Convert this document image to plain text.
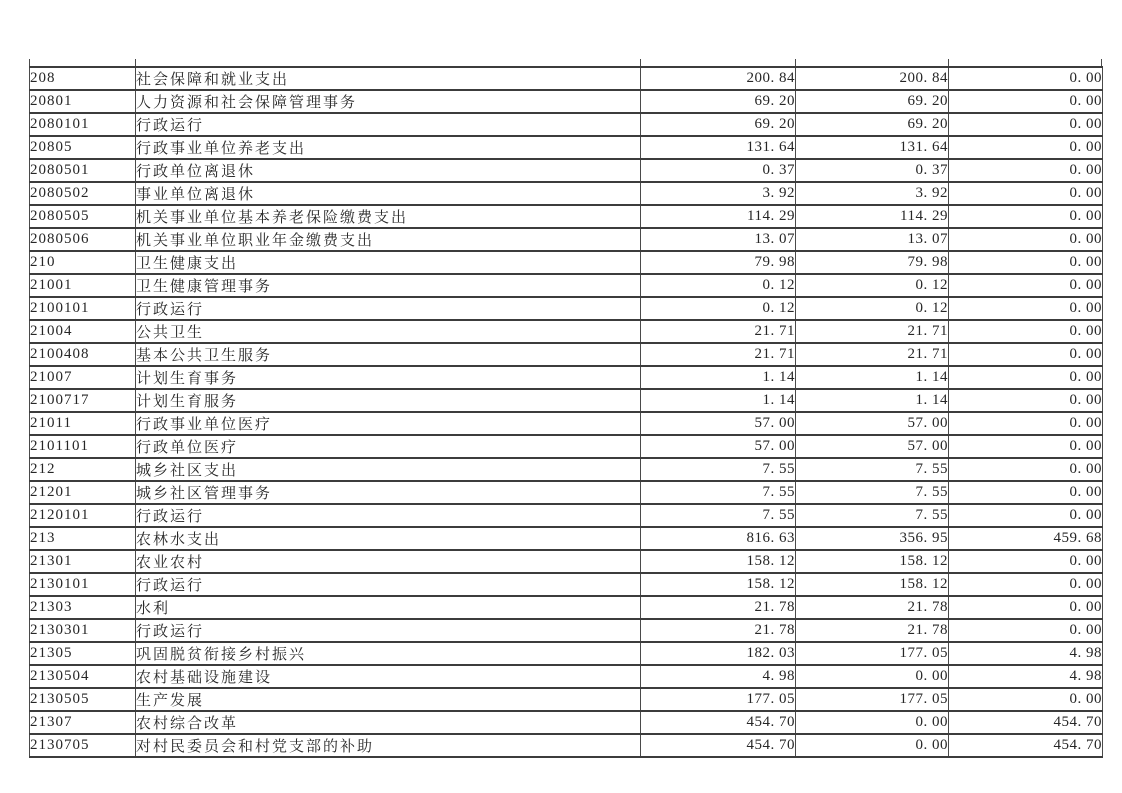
208	社会保障和就业支出	200. 84	200. 84	0. 00
20801	人力资源和社会保障管理事务	69. 20	69. 20	0. 00
2080101	行政运行	69. 20	69. 20	0. 00
20805	行政事业单位养老支出	131. 64	131. 64	0. 00
2080501	行政单位离退休	0. 37	0. 37	0. 00
2080502	事业单位离退休	3. 92	3. 92	0. 00
2080505	机关事业单位基本养老保险缴费支出	114. 29	114. 29	0. 00
2080506	机关事业单位职业年金缴费支出	13. 07	13. 07	0. 00
210	卫生健康支出	79. 98	79. 98	0. 00
21001	卫生健康管理事务	0. 12	0. 12	0. 00
2100101	行政运行	0. 12	0. 12	0. 00
21004	公共卫生	21. 71	21. 71	0. 00
2100408	基本公共卫生服务	21. 71	21. 71	0. 00
21007	计划生育事务	1. 14	1. 14	0. 00
2100717	计划生育服务	1. 14	1. 14	0. 00
21011	行政事业单位医疗	57. 00	57. 00	0. 00
2101101	行政单位医疗	57. 00	57. 00	0. 00
212	城乡社区支出	7. 55	7. 55	0. 00
21201	城乡社区管理事务	7. 55	7. 55	0. 00
2120101	行政运行	7. 55	7. 55	0. 00
213	农林水支出	816. 63	356. 95	459. 68
21301	农业农村	158. 12	158. 12	0. 00
2130101	行政运行	158. 12	158. 12	0. 00
21303	水利	21. 78	21. 78	0. 00
2130301	行政运行	21. 78	21. 78	0. 00
21305	巩固脱贫衔接乡村振兴	182. 03	177. 05	4. 98
2130504	农村基础设施建设	4. 98	0. 00	4. 98
2130505	生产发展	177. 05	177. 05	0. 00
21307	农村综合改革	454. 70	0. 00	454. 70
2130705	对村民委员会和村党支部的补助	454. 70	0. 00	454. 70
